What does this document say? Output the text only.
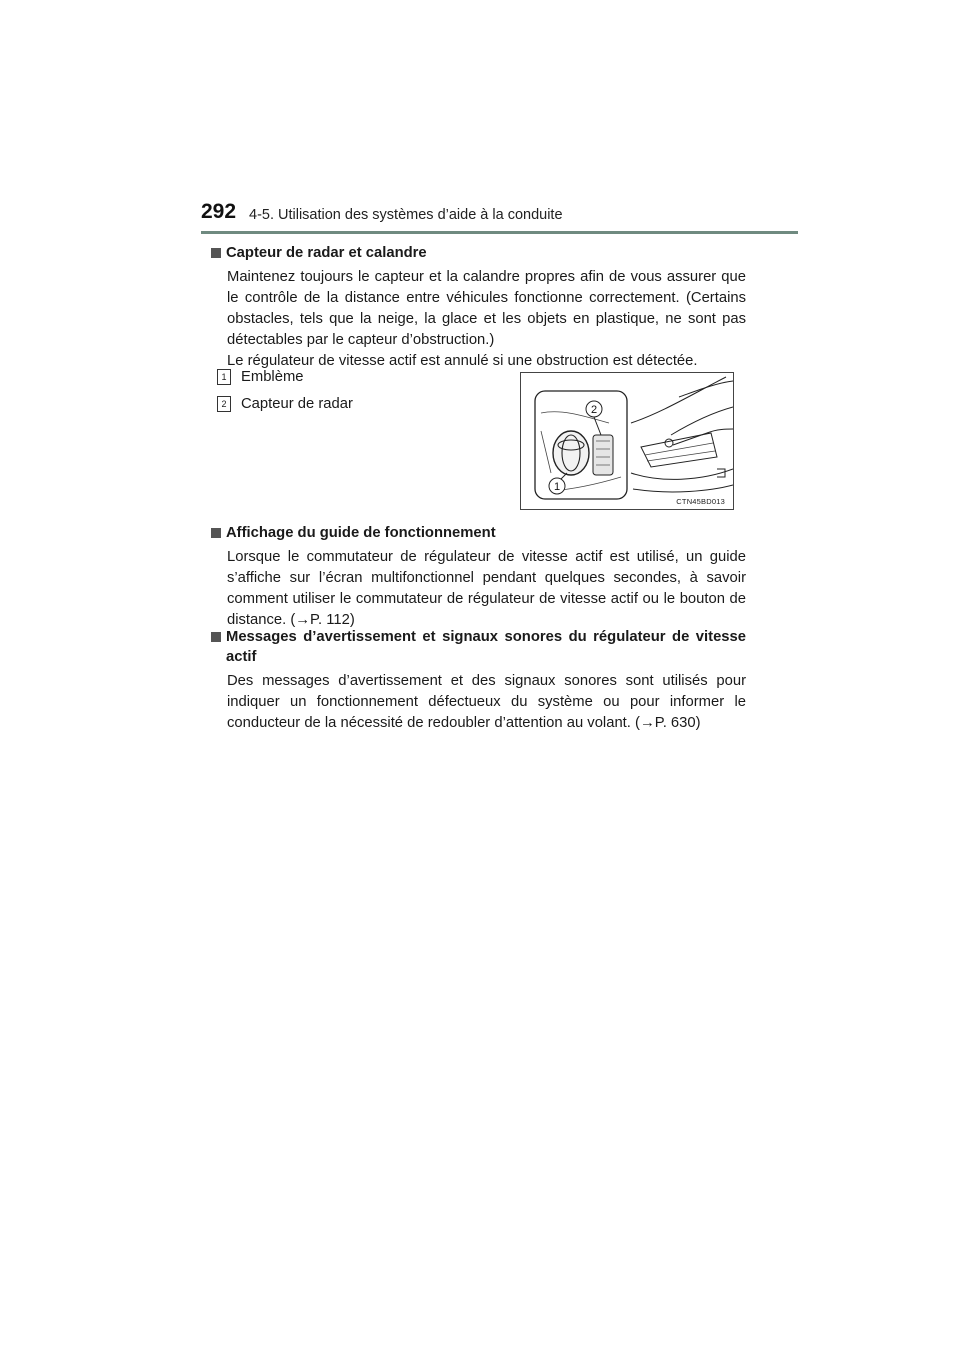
292 4-5. Utilisation des systèmes d’aide à la conduite
Capteur de radar et calandre
Maintenez toujours le capteur et la calandre propres afin de vous assurer que le contrôle de la distance entre véhicules fonctionne correctement. (Certains obstacles, tels que la neige, la glace et les objets en plastique, ne sont pas détectables par le capteur d’obstruction.)
Le régulateur de vitesse actif est annulé si une obstruction est détectée.
1 Emblème
2 Capteur de radar	2
1
CTN45BD013
Affichage du guide de fonctionnement
Lorsque le commutateur de régulateur de vitesse actif est utilisé, un guide s’affiche sur l’écran multifonctionnel pendant quelques secondes, à savoir comment utiliser le commutateur de régulateur de vitesse actif ou le bouton de distance. (→P. 112)
Messages d’avertissement et signaux sonores du régulateur de vitesse actif
Des messages d’avertissement et des signaux sonores sont utilisés pour indiquer un fonctionnement défectueux du système ou pour informer le conducteur de la nécessité de redoubler d’attention au volant. (→P. 630)
